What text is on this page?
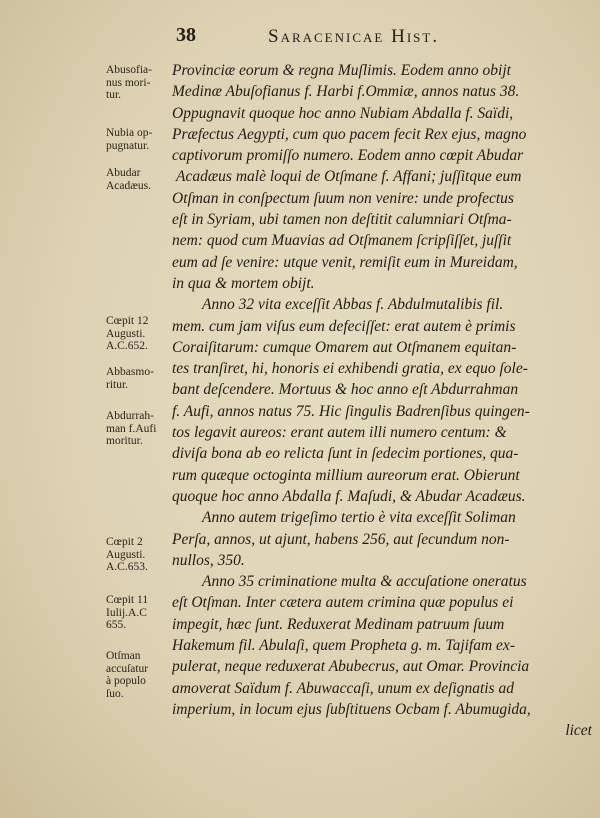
38	Saracenicae Hist.
Abusofia-
nus mori-
tur.
Nubia op-
pugnatur.
Abudar
Acadæus.
Cœpit 12
Augusti.
A.C.652.
Abbasmo-
ritur.
Abdurrah-
man f.Aufi
moritur.
Cœpit 2
Augusti.
A.C.653.
Cœpit 11
Iulij.A.C
655.
Otſman
accuſatur
à populo
ſuo.
Provinciæ eorum & regna Muſlimis. Eodem anno obijt
Medinæ Abuſofianus f. Harbi f.Ommiæ, annos natus 38.
Oppugnavit quoque hoc anno Nubiam Abdalla f. Saïdi,
Præfectus Aegypti, cum quo pacem fecit Rex ejus, magno
captivorum promiſſo numero. Eodem anno cœpit Abudar
Acadæus malè loqui de Otſmane f. Affani; juſſitque eum
Otſman in conſpectum ſuum non venire: unde profectus
eſt in Syriam, ubi tamen non deſtitit calumniari Otſma-
nem: quod cum Muavias ad Otſmanem ſcripſiſſet, juſſit
eum ad ſe venire: utque venit, remiſit eum in Mureidam,
in qua & mortem obijt.
Anno 32 vita exceſſit Abbas f. Abdulmutalibis fil.
mem. cum jam viſus eum defeciſſet: erat autem è primis
Coraiſitarum: cumque Omarem aut Otſmanem equitan-
tes tranſiret, hi, honoris ei exhibendi gratia, ex equo ſole-
bant deſcendere. Mortuus & hoc anno eſt Abdurrahman
f. Aufi, annos natus 75. Hic ſingulis Badrenſibus quingen-
tos legavit aureos: erant autem illi numero centum: &
diviſa bona ab eo relicta ſunt in ſedecim portiones, qua-
rum quæque octoginta millium aureorum erat. Obierunt
quoque hoc anno Abdalla f. Maſudi, & Abudar Acadæus.
Anno autem trigeſimo tertio è vita exceſſit Soliman
Perſa, annos, ut ajunt, habens 256, aut ſecundum non-
nullos, 350.
Anno 35 criminatione multa & accuſatione oneratus
eſt Otſman. Inter cætera autem crimina quæ populus ei
impegit, hæc ſunt. Reduxerat Medinam patruum ſuum
Hakemum fil. Abulaſi, quem Propheta g. m. Tajifam ex-
pulerat, neque reduxerat Abubecrus, aut Omar. Provincia
amoverat Saïdum f. Abuwaccaſi, unum ex deſignatis ad
imperium, in locum ejus ſubſtituens Ocbam f. Abumugida,
licet
